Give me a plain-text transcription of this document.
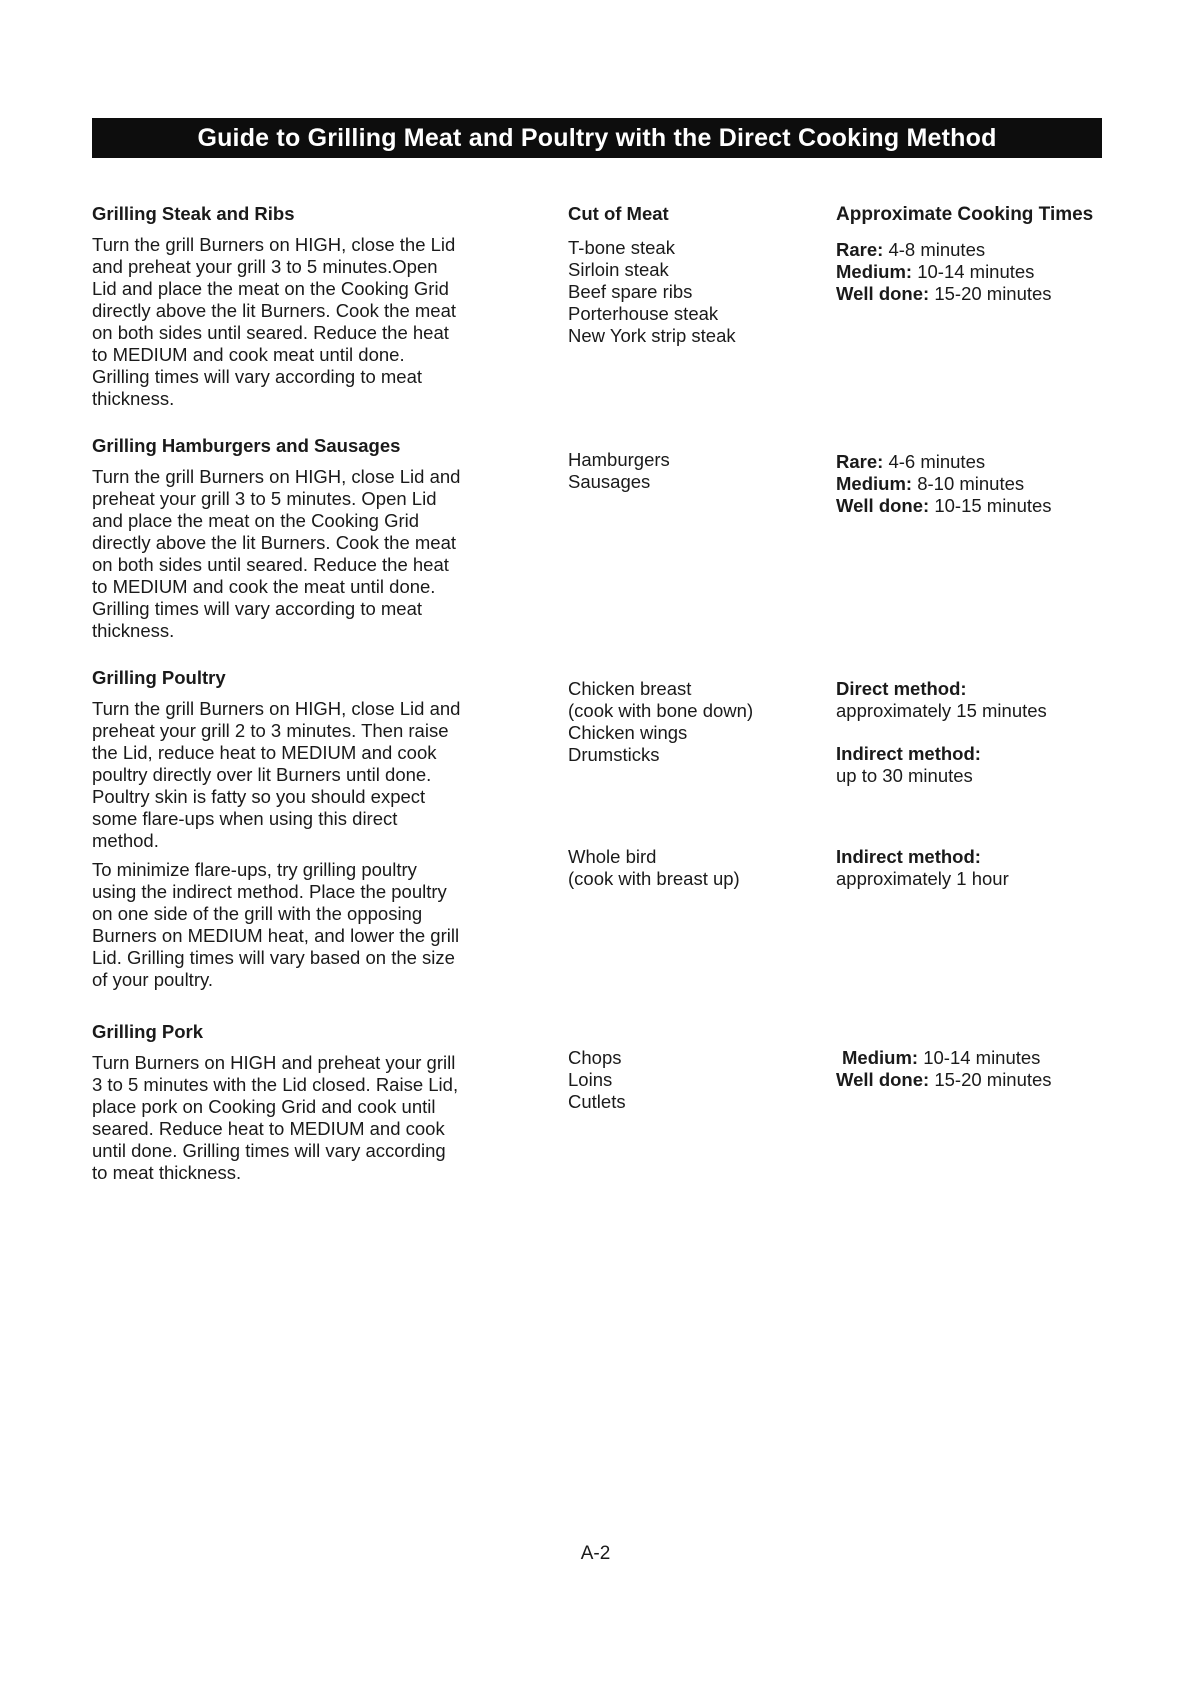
Guide to Grilling Meat and Poultry with the Direct Cooking Method
Cut of Meat	Approximate Cooking Times
Grilling Steak and Ribs
Turn the grill Burners on HIGH, close the Lid
and preheat your grill 3 to 5 minutes.Open
Lid and place the meat on the Cooking Grid
directly above the lit Burners. Cook the meat
on both sides until seared. Reduce the heat
to MEDIUM and cook meat until done.
Grilling times will vary according to meat
thickness.
T-bone steak
Sirloin steak
Beef spare ribs
Porterhouse steak
New York strip steak
Rare: 4-8 minutes
Medium: 10-14 minutes
Well done: 15-20 minutes
Grilling Hamburgers and Sausages
Turn the grill Burners on HIGH, close Lid and
preheat your grill 3 to 5 minutes. Open Lid
and place the meat on the Cooking Grid
directly above the lit Burners. Cook the meat
on both sides until seared. Reduce the heat
to MEDIUM and cook the meat until done.
Grilling times will vary according to meat
thickness.
Hamburgers
Sausages
Rare: 4-6 minutes
Medium: 8-10 minutes
Well done: 10-15 minutes
Grilling Poultry
Turn the grill Burners on HIGH, close Lid and
preheat your grill 2 to 3 minutes. Then raise
the Lid, reduce heat to MEDIUM and cook
poultry directly over lit Burners until done.
Poultry skin is fatty so you should expect
some flare-ups when using this direct
method.
To minimize flare-ups, try grilling poultry
using the indirect method. Place the poultry
on one side of the grill with the opposing
Burners on MEDIUM heat, and lower the grill
Lid. Grilling times will vary based on the size
of your poultry.
Chicken breast
(cook with bone down)
Chicken wings
Drumsticks
Direct method:
approximately 15 minutes
Indirect method:
up to 30 minutes
Whole bird
(cook with breast up)
Indirect method:
approximately 1 hour
Grilling Pork
Turn Burners on HIGH and preheat your grill
3 to 5 minutes with the Lid closed. Raise Lid,
place pork on Cooking Grid and cook until
seared. Reduce heat to MEDIUM and cook
until done. Grilling times will vary according
to meat thickness.
Chops
Loins
Cutlets
Medium: 10-14 minutes
Well done: 15-20 minutes
A-2
